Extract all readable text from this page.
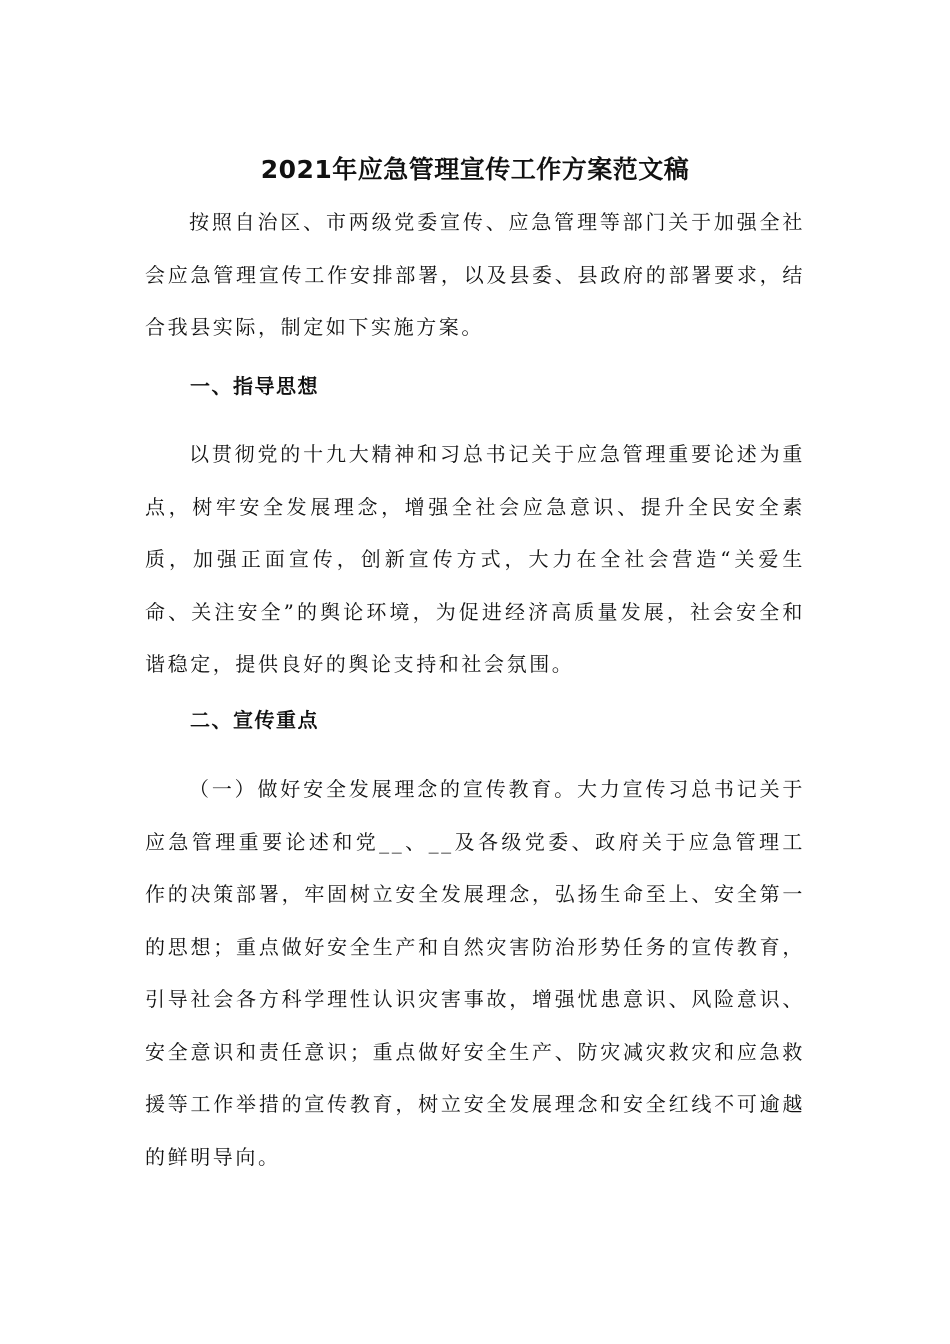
2021年应急管理宣传工作方案范文稿

按照自治区、市两级党委宣传、应急管理等部门关于加强全社会应急管理宣传工作安排部署，以及县委、县政府的部署要求，结合我县实际，制定如下实施方案。

一、指导思想

以贯彻党的十九大精神和习总书记关于应急管理重要论述为重点，树牢安全发展理念，增强全社会应急意识、提升全民安全素质，加强正面宣传，创新宣传方式，大力在全社会营造“关爱生命、关注安全”的舆论环境，为促进经济高质量发展，社会安全和谐稳定，提供良好的舆论支持和社会氛围。

二、宣传重点

（一）做好安全发展理念的宣传教育。大力宣传习总书记关于应急管理重要论述和党__、__及各级党委、政府关于应急管理工作的决策部署，牢固树立安全发展理念，弘扬生命至上、安全第一的思想；重点做好安全生产和自然灾害防治形势任务的宣传教育，引导社会各方科学理性认识灾害事故，增强忧患意识、风险意识、安全意识和责任意识；重点做好安全生产、防灾减灾救灾和应急救援等工作举措的宣传教育，树立安全发展理念和安全红线不可逾越的鲜明导向。
